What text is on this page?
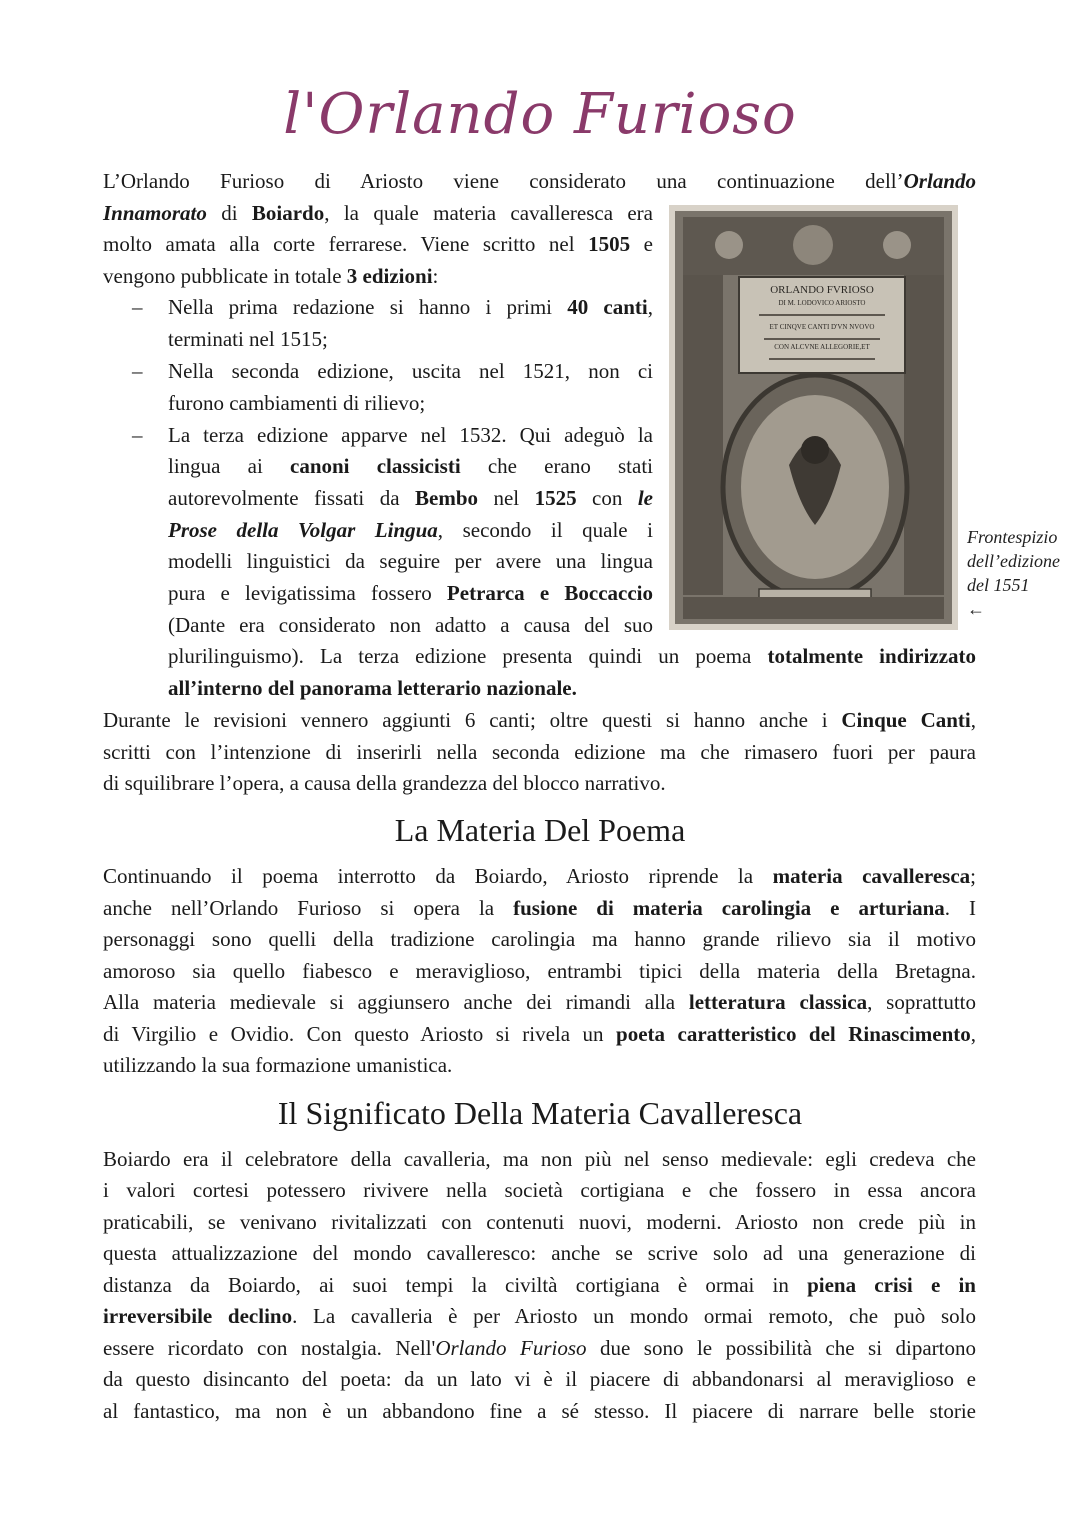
l'Orlando Furioso
L’Orlando Furioso di Ariosto viene considerato una continuazione dell’Orlando
Innamorato di Boiardo, la quale materia cavalleresca era
molto amata alla corte ferrarese. Viene scritto nel 1505 e
vengono pubblicate in totale 3 edizioni:
– Nella prima redazione si hanno i primi 40 canti,
terminati nel 1515;
– Nella seconda edizione, uscita nel 1521, non ci
furono cambiamenti di rilievo;
– La terza edizione apparve nel 1532. Qui adeguò la
lingua ai canoni classicisti che erano stati
autorevolmente fissati da Bembo nel 1525 con le
Prose della Volgar Lingua, secondo il quale i
modelli linguistici da seguire per avere una lingua
pura e levigatissima fossero Petrarca e Boccaccio
(Dante era considerato non adatto a causa del suo
plurilinguismo). La terza edizione presenta quindi un poema totalmente indirizzato
all’interno del panorama letterario nazionale.
ORLANDO FVRIOSO
DI M. LODOVICO ARIOSTO
ET CINQVE CANTI D'VN NVOVO
CON ALCVNE ALLEGORIE,ET
Frontespizio
dell’edizione
del 1551
←
Durante le revisioni vennero aggiunti 6 canti; oltre questi si hanno anche i Cinque Canti,
scritti con l’intenzione di inserirli nella seconda edizione ma che rimasero fuori per paura
di squilibrare l’opera, a causa della grandezza del blocco narrativo.
La Materia Del Poema
Continuando il poema interrotto da Boiardo, Ariosto riprende la materia cavalleresca;
anche nell’Orlando Furioso si opera la fusione di materia carolingia e arturiana. I
personaggi sono quelli della tradizione carolingia ma hanno grande rilievo sia il motivo
amoroso sia quello fiabesco e meraviglioso, entrambi tipici della materia della Bretagna.
Alla materia medievale si aggiunsero anche dei rimandi alla letteratura classica, soprattutto
di Virgilio e Ovidio. Con questo Ariosto si rivela un poeta caratteristico del Rinascimento,
utilizzando la sua formazione umanistica.
Il Significato Della Materia Cavalleresca
Boiardo era il celebratore della cavalleria, ma non più nel senso medievale: egli credeva che
i valori cortesi potessero rivivere nella società cortigiana e che fossero in essa ancora
praticabili, se venivano rivitalizzati con contenuti nuovi, moderni. Ariosto non crede più in
questa attualizzazione del mondo cavalleresco: anche se scrive solo ad una generazione di
distanza da Boiardo, ai suoi tempi la civiltà cortigiana è ormai in piena crisi e in
irreversibile declino. La cavalleria è per Ariosto un mondo ormai remoto, che può solo
essere ricordato con nostalgia. Nell'Orlando Furioso due sono le possibilità che si dipartono
da questo disincanto del poeta: da un lato vi è il piacere di abbandonarsi al meraviglioso e
al fantastico, ma non è un abbandono fine a sé stesso. Il piacere di narrare belle storie
